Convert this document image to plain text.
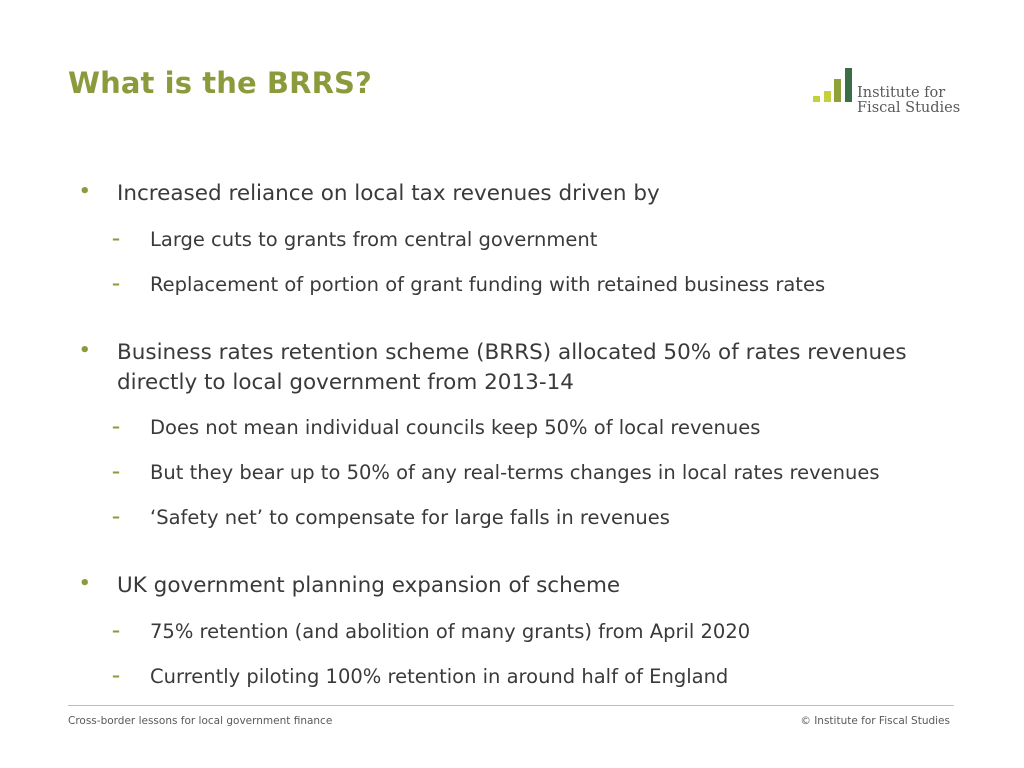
What is the BRRS?	Institute for
Fiscal Studies
• Increased reliance on local tax revenues driven by
– Large cuts to grants from central government
– Replacement of portion of grant funding with retained business rates
• Business rates retention scheme (BRRS) allocated 50% of rates revenues
directly to local government from 2013-14
– Does not mean individual councils keep 50% of local revenues
– But they bear up to 50% of any real-terms changes in local rates revenues
– ‘Safety net’ to compensate for large falls in revenues
• UK government planning expansion of scheme
– 75% retention (and abolition of many grants) from April 2020
– Currently piloting 100% retention in around half of England
Cross-border lessons for local government finance	© Institute for Fiscal Studies
